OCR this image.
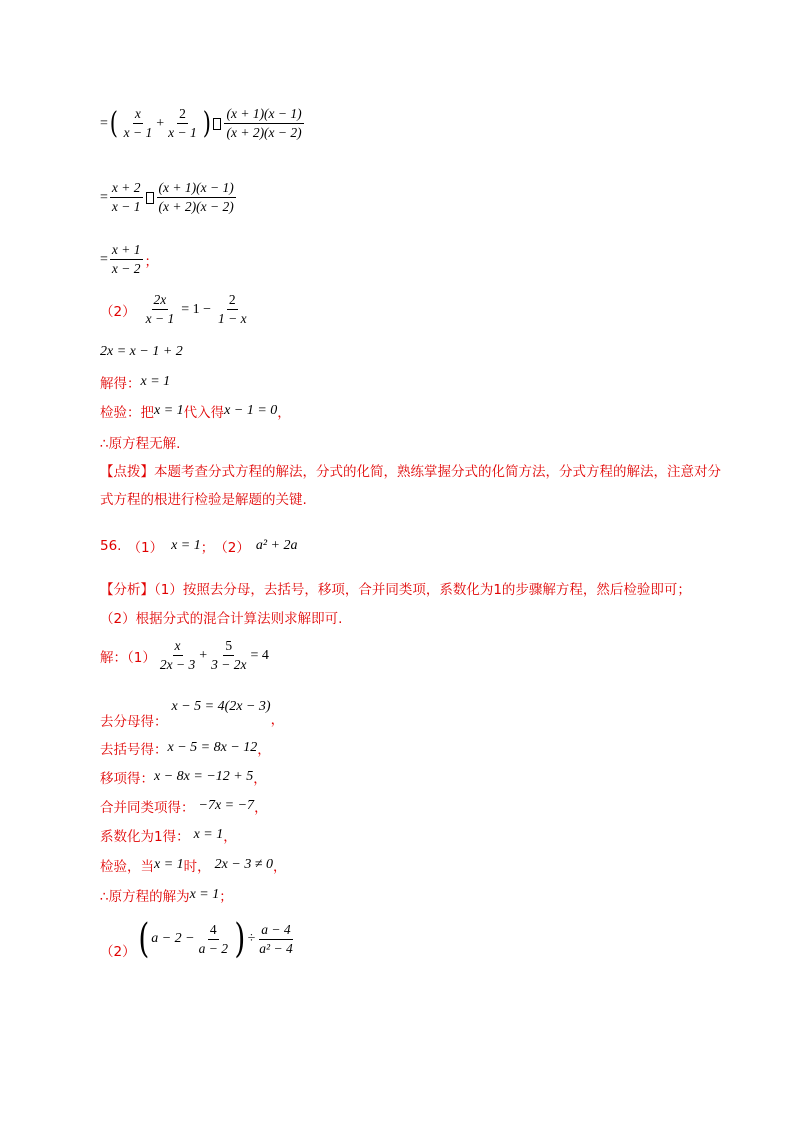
= ( $\frac{x}{x - 1} + \frac{2}{x - 1}$ ) $\frac{(x + 1)(x - 1)}{(x + 2)(x - 2)}$
= $\frac{x + 2}{x - 1} \frac{(x + 1)(x - 1)}{(x + 2)(x - 2)}$
= $\frac{x + 1}{x - 2}$ ；
$(2) \frac{2x}{x - 1} = 1 - \frac{2}{1 - x}$
2x = x − 1 + 2
解得： x = 1
检验：把 x = 1 代入得 x − 1 = 0 ，
∴原方程无解.
【点拨】本题考查分式方程的解法，分式的化简，熟练掌握分式的化简方法，分式方程的解法，注意对分式方程的根进行检验是解题的关键.
56. （1） x = 1 ； （2） a² + 2a
【分析】（1）按照去分母，去括号，移项，合并同类项，系数化为1的步骤解方程，然后检验即可；
（2）根据分式的混合计算法则求解即可.
解：$(1) \frac{x}{2x - 3} + \frac{5}{3 - 2x} = 4$
去分母得：
x − 5 = 4(2x − 3)
，
去括号得： x − 5 = 8x − 12 ，
移项得： x − 8x = −12 + 5 ，
合并同类项得： −7x = −7 ，
系数化为1得： x = 1 ，
检验，当 x = 1 时， 2x − 3 ≠ 0 ，
∴原方程的解为 x = 1 ；
（2） ( $a - 2 - \frac{4}{a - 2}$ ) ÷ $\frac{a - 4}{\text{a² − 4}}$
